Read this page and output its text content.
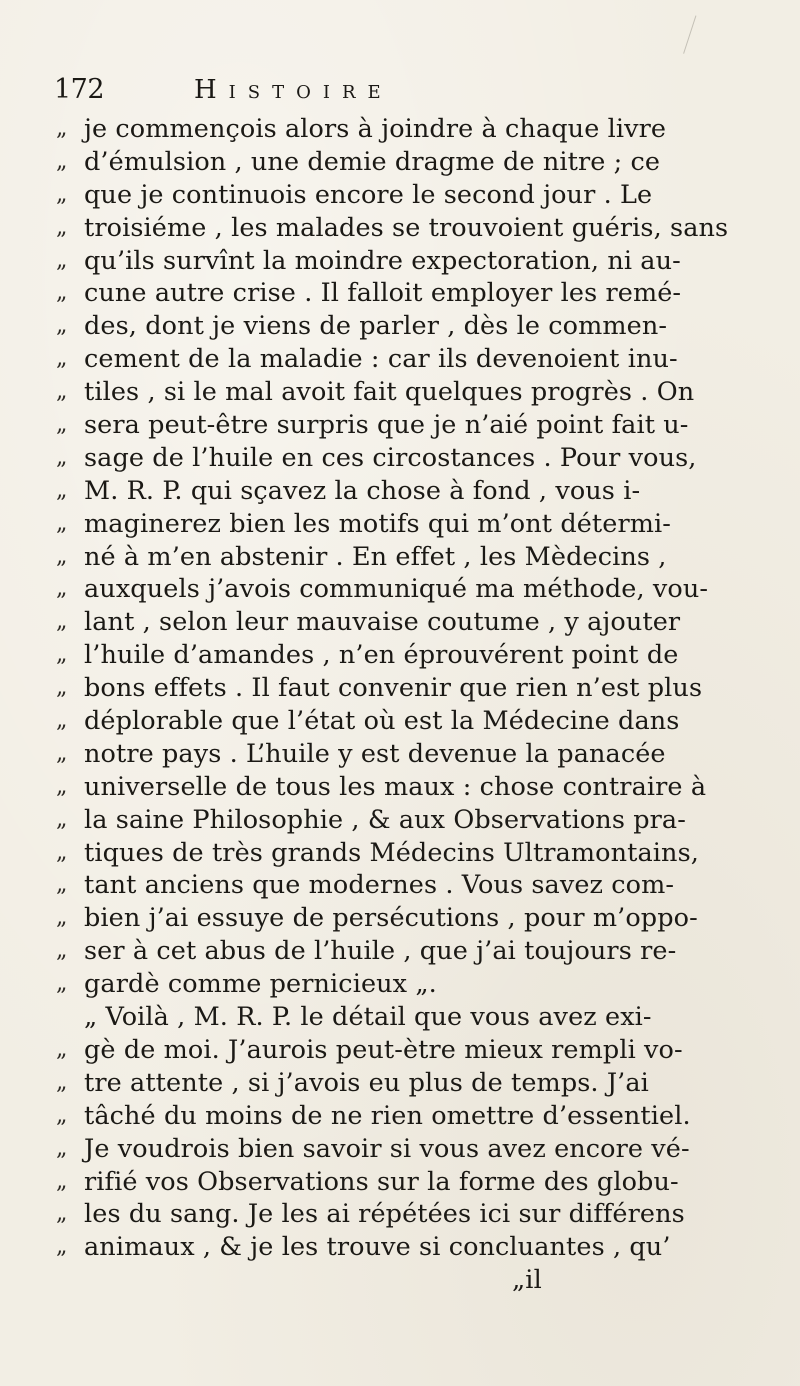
172	Histoire
„ je commençois alors à joindre à chaque livre
„ d’émulsion , une demie dragme de nitre ; ce
„ que je continuois encore le second jour . Le
„ troisiéme , les malades se trouvoient guéris, sans
„ qu’ils survînt la moindre expectoration, ni au-
„ cune autre crise . Il falloit employer les remé-
„ des, dont je viens de parler , dès le commen-
„ cement de la maladie : car ils devenoient inu-
„ tiles , si le mal avoit fait quelques progrès . On
„ sera peut-être surpris que je n’aié point fait u-
„ sage de l’huile en ces circostances . Pour vous,
„ M. R. P. qui sçavez la chose à fond , vous i-
„ maginerez bien les motifs qui m’ont détermi-
„ né à m’en abstenir . En effet , les Mèdecins ,
„ auxquels j’avois communiqué ma méthode, vou-
„ lant , selon leur mauvaise coutume , y ajouter
„ l’huile d’amandes , n’en éprouvérent point de
„ bons effets . Il faut convenir que rien n’est plus
„ déplorable que l’état où est la Médecine dans
„ notre pays . L’huile y est devenue la panacée
„ universelle de tous les maux : chose contraire à
„ la saine Philosophie , & aux Observations pra-
„ tiques de très grands Médecins Ultramontains,
„ tant anciens que modernes . Vous savez com-
„ bien j’ai essuye de persécutions , pour m’oppo-
„ ser à cet abus de l’huile , que j’ai toujours re-
„ gardè comme pernicieux „.
„ Voilà , M. R. P. le détail que vous avez exi-
„ gè de moi. J’aurois peut-ètre mieux rempli vo-
„ tre attente , si j’avois eu plus de temps. J’ai
„ tâché du moins de ne rien omettre d’essentiel.
„ Je voudrois bien savoir si vous avez encore vé-
„ rifié vos Observations sur la forme des globu-
„ les du sang. Je les ai répétées ici sur différens
„ animaux , & je les trouve si concluantes , qu’
„il
